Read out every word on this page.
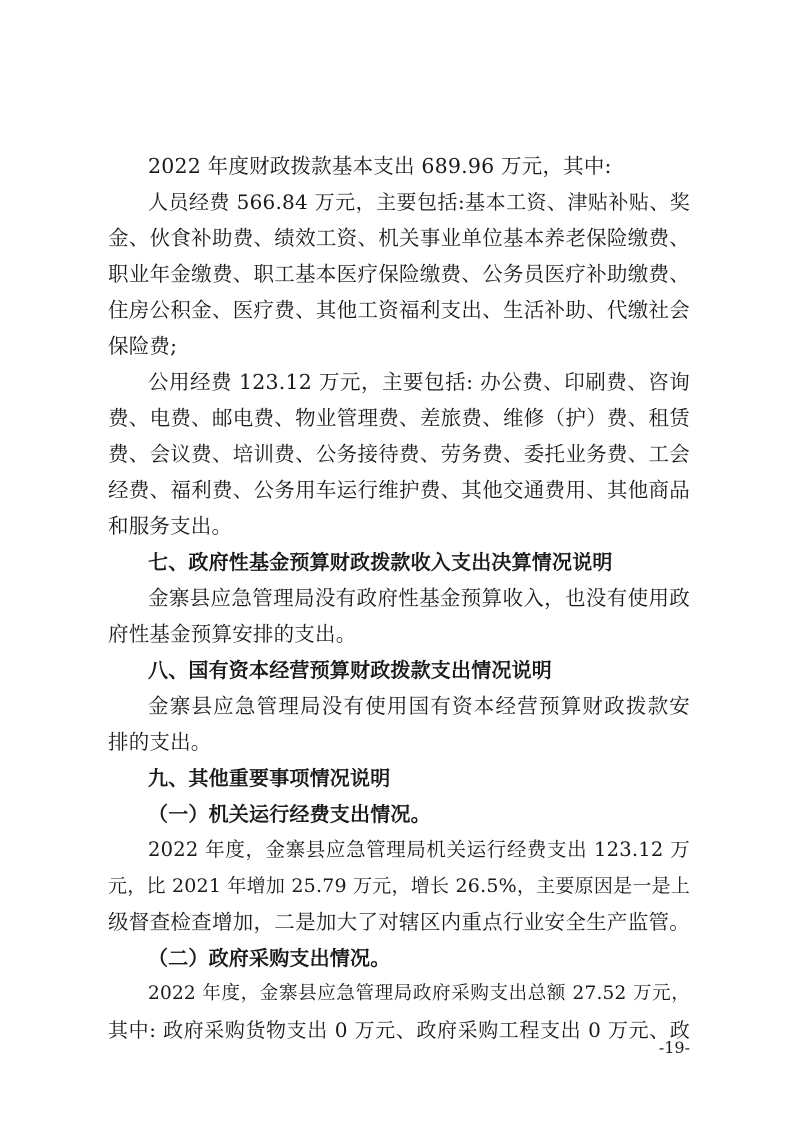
2022 年度财政拨款基本支出 689.96 万元，其中:
人员经费 566.84 万元，主要包括:基本工资、津贴补贴、奖
金、伙食补助费、绩效工资、机关事业单位基本养老保险缴费、
职业年金缴费、职工基本医疗保险缴费、公务员医疗补助缴费、
住房公积金、医疗费、其他工资福利支出、生活补助、代缴社会
保险费;
公用经费 123.12 万元，主要包括: 办公费、印刷费、咨询
费、电费、邮电费、物业管理费、差旅费、维修（护）费、租赁
费、会议费、培训费、公务接待费、劳务费、委托业务费、工会
经费、福利费、公务用车运行维护费、其他交通费用、其他商品
和服务支出。
七、政府性基金预算财政拨款收入支出决算情况说明
金寨县应急管理局没有政府性基金预算收入，也没有使用政
府性基金预算安排的支出。
八、国有资本经营预算财政拨款支出情况说明
金寨县应急管理局没有使用国有资本经营预算财政拨款安
排的支出。
九、其他重要事项情况说明
（一）机关运行经费支出情况。
2022 年度，金寨县应急管理局机关运行经费支出 123.12 万
元，比 2021 年增加 25.79 万元，增长 26.5%，主要原因是一是上
级督查检查增加，二是加大了对辖区内重点行业安全生产监管。
（二）政府采购支出情况。
2022 年度，金寨县应急管理局政府采购支出总额 27.52 万元，
其中: 政府采购货物支出 0 万元、政府采购工程支出 0 万元、政
-19-
